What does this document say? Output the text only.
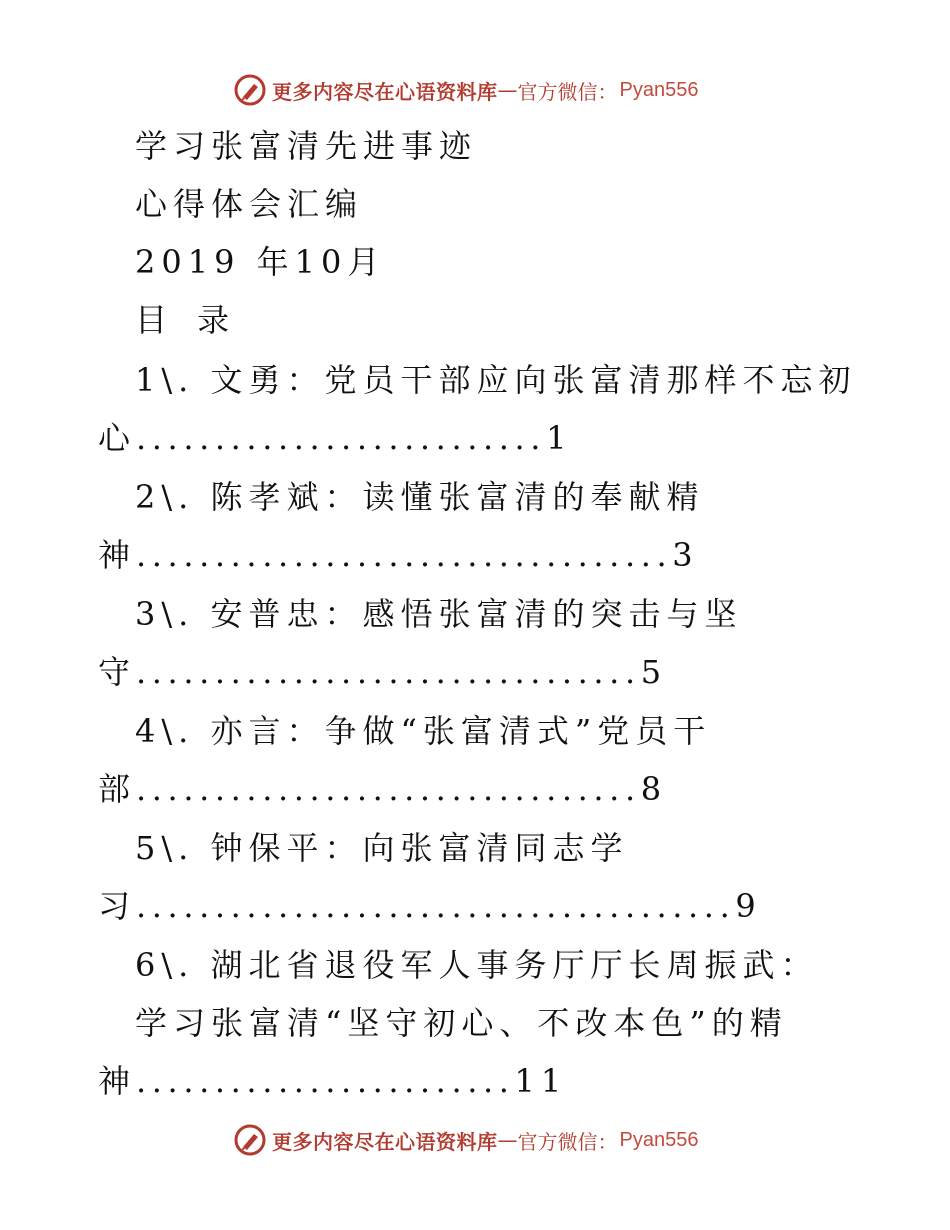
更多内容尽在心语资料库 — 官方微信： Pyan556
学习张富清先进事迹
心得体会汇编
2019 年10月
目 录
1\. 文勇：党员干部应向张富清那样不忘初
心..........................1
2\. 陈孝斌：读懂张富清的奉献精
神..................................3
3\. 安普忠：感悟张富清的突击与坚
守................................5
4\. 亦言：争做“张富清式”党员干
部................................8
5\. 钟保平：向张富清同志学
习......................................9
6\. 湖北省退役军人事务厅厅长周振武：
学习张富清“坚守初心、不改本色”的精
神........................11
更多内容尽在心语资料库 — 官方微信： Pyan556
